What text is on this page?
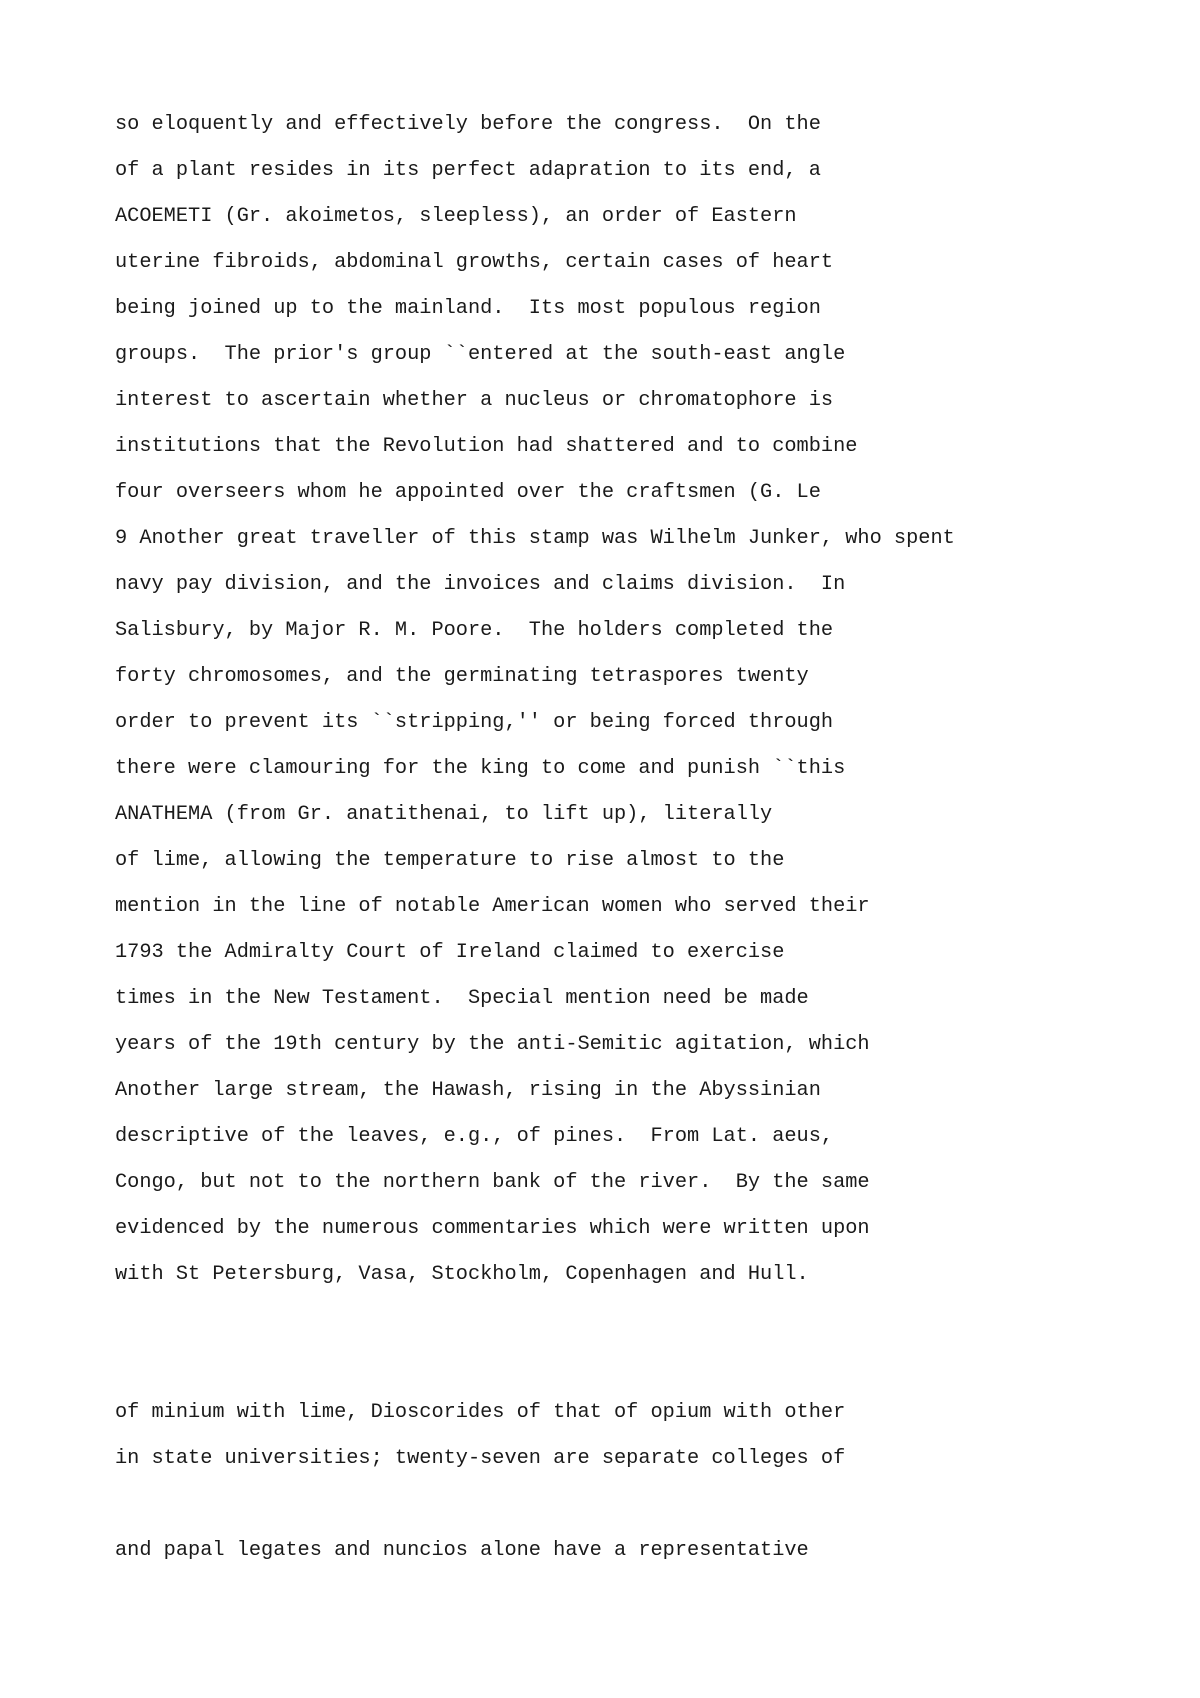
so eloquently and effectively before the congress.  On the

of a plant resides in its perfect adapration to its end, a

ACOEMETI (Gr. akoimetos, sleepless), an order of Eastern

uterine fibroids, abdominal growths, certain cases of heart

being joined up to the mainland.  Its most populous region

groups.  The prior's group ``entered at the south-east angle

interest to ascertain whether a nucleus or chromatophore is

institutions that the Revolution had shattered and to combine

four overseers whom he appointed over the craftsmen (G. Le

9 Another great traveller of this stamp was Wilhelm Junker, who spent

navy pay division, and the invoices and claims division.  In

Salisbury, by Major R. M. Poore.  The holders completed the

forty chromosomes, and the germinating tetraspores twenty

order to prevent its ``stripping,'' or being forced through

there were clamouring for the king to come and punish ``this

ANATHEMA (from Gr. anatithenai, to lift up), literally

of lime, allowing the temperature to rise almost to the

mention in the line of notable American women who served their

1793 the Admiralty Court of Ireland claimed to exercise

times in the New Testament.  Special mention need be made

years of the 19th century by the anti-Semitic agitation, which

Another large stream, the Hawash, rising in the Abyssinian

descriptive of the leaves, e.g., of pines.  From Lat. aeus,

Congo, but not to the northern bank of the river.  By the same

evidenced by the numerous commentaries which were written upon

with St Petersburg, Vasa, Stockholm, Copenhagen and Hull.

of minium with lime, Dioscorides of that of opium with other

in state universities; twenty-seven are separate colleges of

and papal legates and nuncios alone have a representative
